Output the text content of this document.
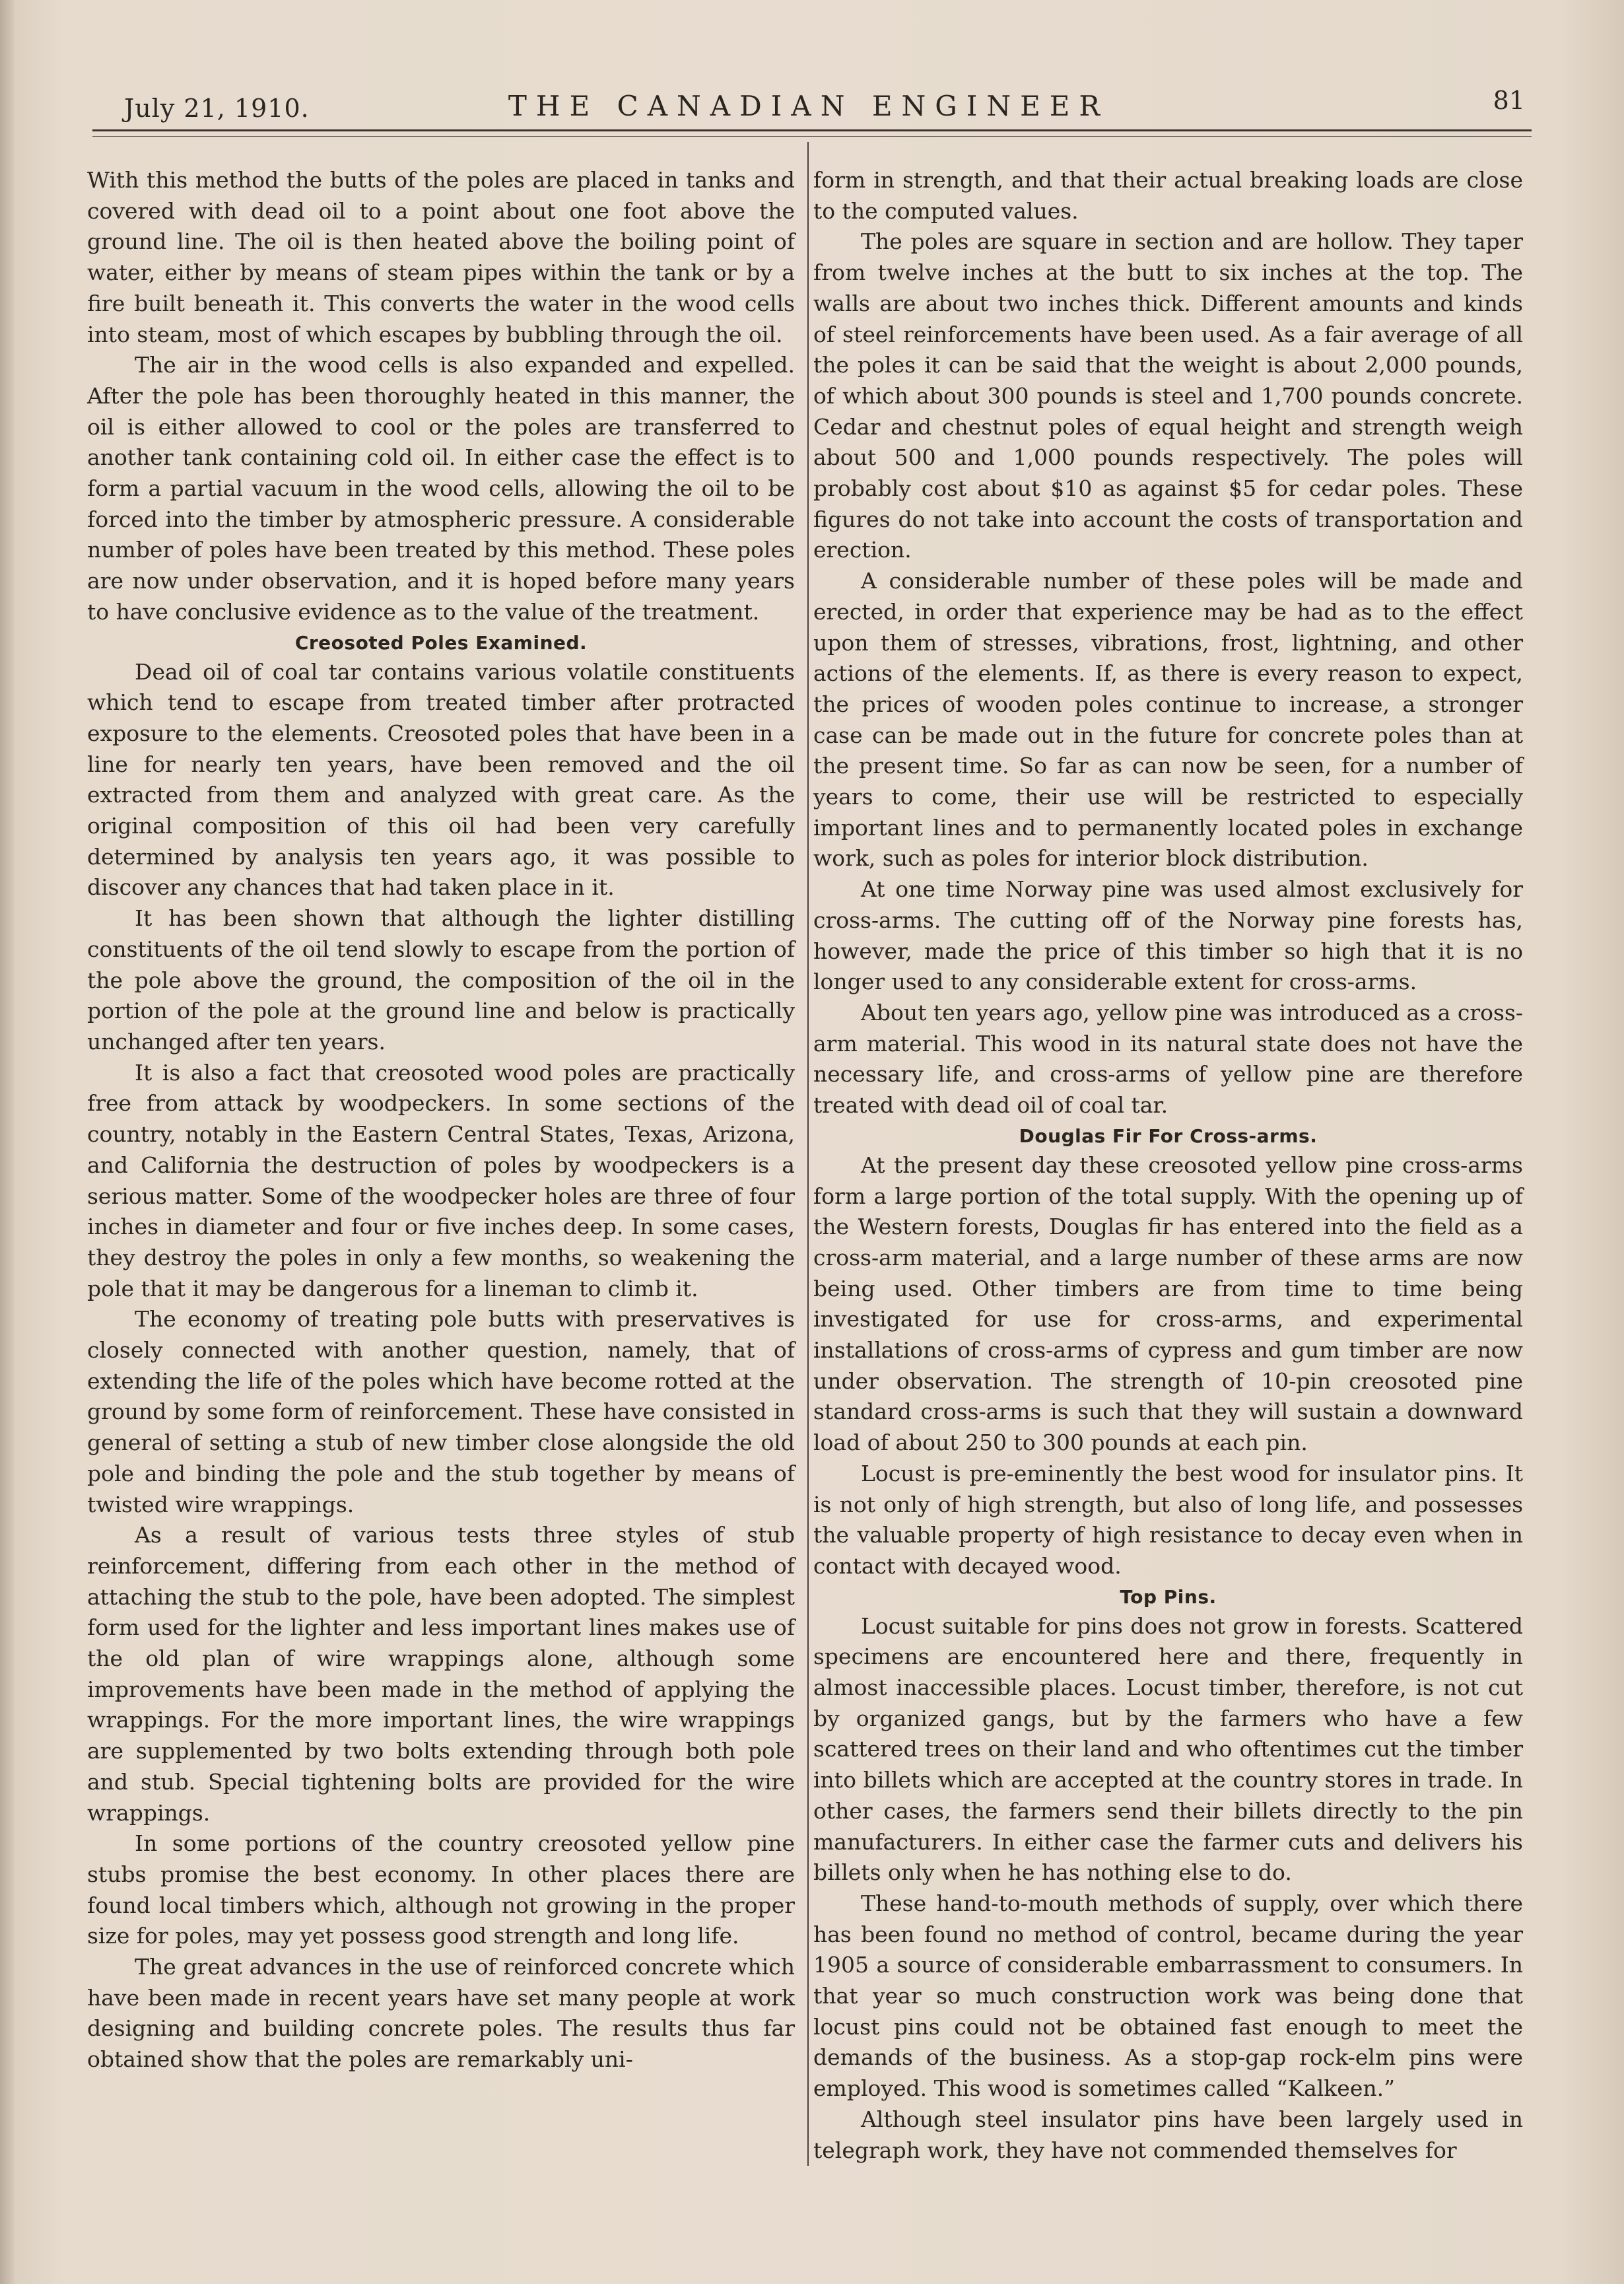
July 21, 1910.	THE CANADIAN ENGINEER	81

With this method the butts of the poles are placed in tanks and covered with dead oil to a point about one foot above the ground line. The oil is then heated above the boiling point of water, either by means of steam pipes within the tank or by a fire built beneath it. This converts the water in the wood cells into steam, most of which escapes by bubbling through the oil.

The air in the wood cells is also expanded and expelled. After the pole has been thoroughly heated in this manner, the oil is either allowed to cool or the poles are transferred to another tank containing cold oil. In either case the effect is to form a partial vacuum in the wood cells, allowing the oil to be forced into the timber by atmospheric pressure. A considerable number of poles have been treated by this method. These poles are now under observation, and it is hoped before many years to have conclusive evidence as to the value of the treatment.

Creosoted Poles Examined.

Dead oil of coal tar contains various volatile constituents which tend to escape from treated timber after protracted exposure to the elements. Creosoted poles that have been in a line for nearly ten years, have been removed and the oil extracted from them and analyzed with great care. As the original composition of this oil had been very carefully determined by analysis ten years ago, it was possible to discover any chances that had taken place in it.

It has been shown that although the lighter distilling constituents of the oil tend slowly to escape from the portion of the pole above the ground, the composition of the oil in the portion of the pole at the ground line and below is practically unchanged after ten years.

It is also a fact that creosoted wood poles are practically free from attack by woodpeckers. In some sections of the country, notably in the Eastern Central States, Texas, Arizona, and California the destruction of poles by woodpeckers is a serious matter. Some of the woodpecker holes are three of four inches in diameter and four or five inches deep. In some cases, they destroy the poles in only a few months, so weakening the pole that it may be dangerous for a lineman to climb it.

The economy of treating pole butts with preservatives is closely connected with another question, namely, that of extending the life of the poles which have become rotted at the ground by some form of reinforcement. These have consisted in general of setting a stub of new timber close alongside the old pole and binding the pole and the stub together by means of twisted wire wrappings.

As a result of various tests three styles of stub reinforcement, differing from each other in the method of attaching the stub to the pole, have been adopted. The simplest form used for the lighter and less important lines makes use of the old plan of wire wrappings alone, although some improvements have been made in the method of applying the wrappings. For the more important lines, the wire wrappings are supplemented by two bolts extending through both pole and stub. Special tightening bolts are provided for the wire wrappings.

In some portions of the country creosoted yellow pine stubs promise the best economy. In other places there are found local timbers which, although not growing in the proper size for poles, may yet possess good strength and long life.

The great advances in the use of reinforced concrete which have been made in recent years have set many people at work designing and building concrete poles. The results thus far obtained show that the poles are remarkably uni-

form in strength, and that their actual breaking loads are close to the computed values.

The poles are square in section and are hollow. They taper from twelve inches at the butt to six inches at the top. The walls are about two inches thick. Different amounts and kinds of steel reinforcements have been used. As a fair average of all the poles it can be said that the weight is about 2,000 pounds, of which about 300 pounds is steel and 1,700 pounds concrete. Cedar and chestnut poles of equal height and strength weigh about 500 and 1,000 pounds respectively. The poles will probably cost about $10 as against $5 for cedar poles. These figures do not take into account the costs of transportation and erection.

A considerable number of these poles will be made and erected, in order that experience may be had as to the effect upon them of stresses, vibrations, frost, lightning, and other actions of the elements. If, as there is every reason to expect, the prices of wooden poles continue to increase, a stronger case can be made out in the future for concrete poles than at the present time. So far as can now be seen, for a number of years to come, their use will be restricted to especially important lines and to permanently located poles in exchange work, such as poles for interior block distribution.

At one time Norway pine was used almost exclusively for cross-arms. The cutting off of the Norway pine forests has, however, made the price of this timber so high that it is no longer used to any considerable extent for cross-arms.

About ten years ago, yellow pine was introduced as a cross-arm material. This wood in its natural state does not have the necessary life, and cross-arms of yellow pine are therefore treated with dead oil of coal tar.

Douglas Fir For Cross-arms.

At the present day these creosoted yellow pine cross-arms form a large portion of the total supply. With the opening up of the Western forests, Douglas fir has entered into the field as a cross-arm material, and a large number of these arms are now being used. Other timbers are from time to time being investigated for use for cross-arms, and experimental installations of cross-arms of cypress and gum timber are now under observation. The strength of 10-pin creosoted pine standard cross-arms is such that they will sustain a downward load of about 250 to 300 pounds at each pin.

Locust is pre-eminently the best wood for insulator pins. It is not only of high strength, but also of long life, and possesses the valuable property of high resistance to decay even when in contact with decayed wood.

Top Pins.

Locust suitable for pins does not grow in forests. Scattered specimens are encountered here and there, frequently in almost inaccessible places. Locust timber, therefore, is not cut by organized gangs, but by the farmers who have a few scattered trees on their land and who oftentimes cut the timber into billets which are accepted at the country stores in trade. In other cases, the farmers send their billets directly to the pin manufacturers. In either case the farmer cuts and delivers his billets only when he has nothing else to do.

These hand-to-mouth methods of supply, over which there has been found no method of control, became during the year 1905 a source of considerable embarrassment to consumers. In that year so much construction work was being done that locust pins could not be obtained fast enough to meet the demands of the business. As a stop-gap rock-elm pins were employed. This wood is sometimes called “Kalkeen.”

Although steel insulator pins have been largely used in telegraph work, they have not commended themselves for
